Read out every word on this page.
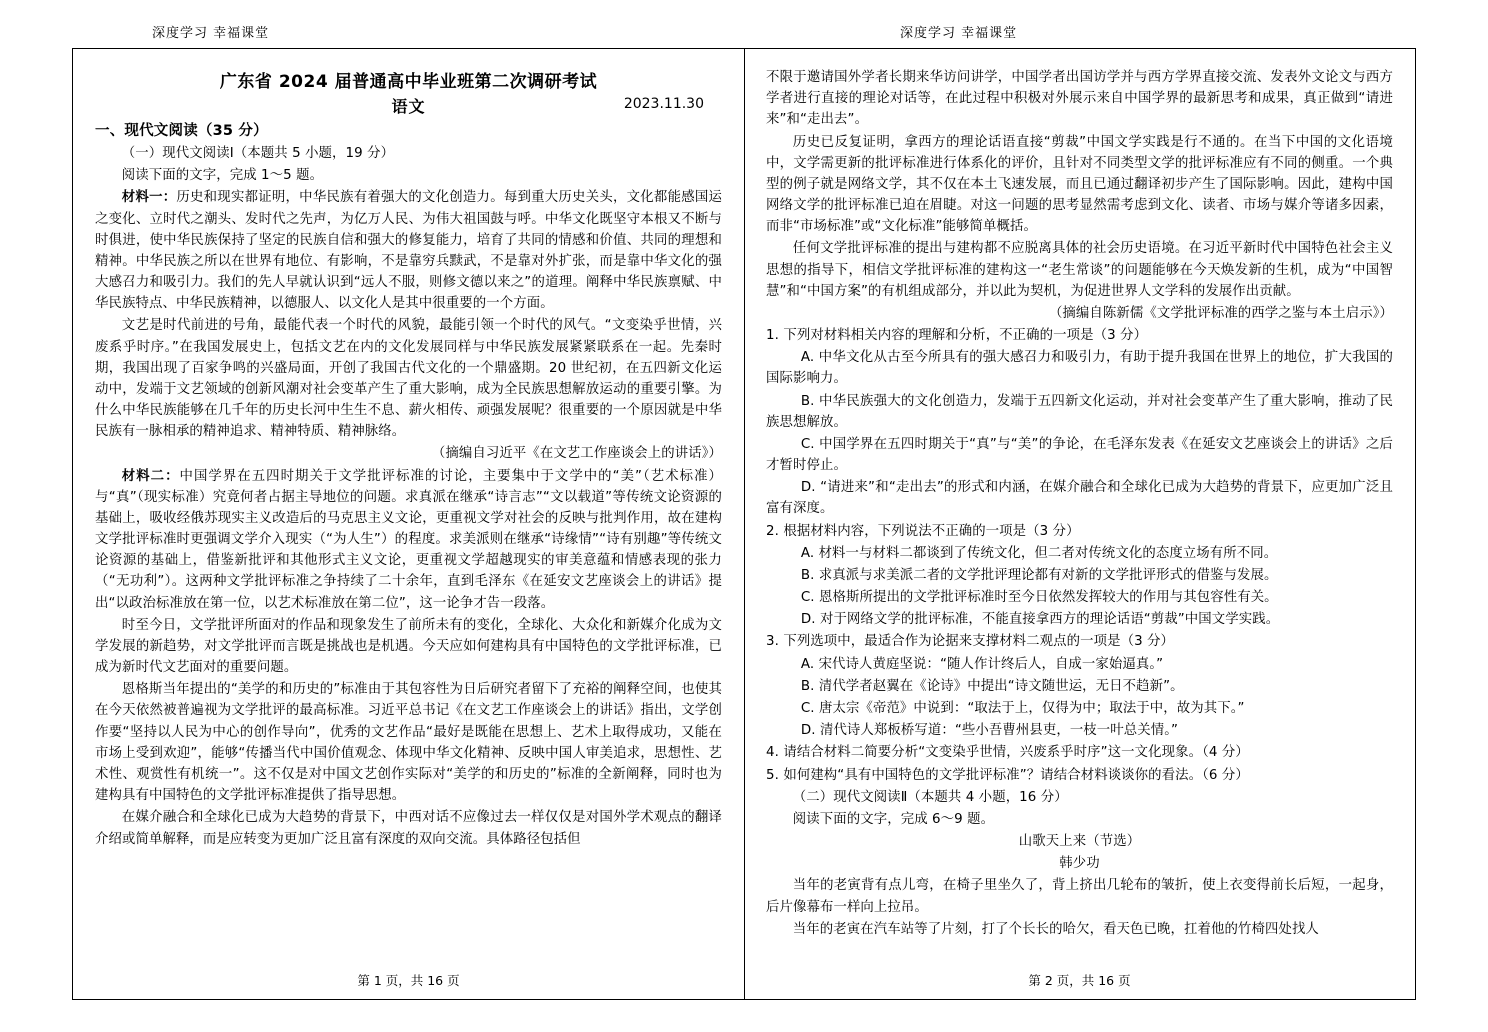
深度学习 幸福课堂	深度学习 幸福课堂
广东省 2024 届普通高中毕业班第二次调研考试
语文	2023.11.30
一、现代文阅读（35 分）

（一）现代文阅读Ⅰ（本题共 5 小题，19 分）

阅读下面的文字，完成 1～5 题。

材料一：历史和现实都证明，中华民族有着强大的文化创造力。每到重大历史关头，文化都能感国运之变化、立时代之潮头、发时代之先声，为亿万人民、为伟大祖国鼓与呼。中华文化既坚守本根又不断与时俱进，使中华民族保持了坚定的民族自信和强大的修复能力，培育了共同的情感和价值、共同的理想和精神。中华民族之所以在世界有地位、有影响，不是靠穷兵黩武，不是靠对外扩张，而是靠中华文化的强大感召力和吸引力。我们的先人早就认识到“远人不服，则修文德以来之”的道理。阐释中华民族禀赋、中华民族特点、中华民族精神，以德服人、以文化人是其中很重要的一个方面。

文艺是时代前进的号角，最能代表一个时代的风貌，最能引领一个时代的风气。“文变染乎世情，兴废系乎时序。”在我国发展史上，包括文艺在内的文化发展同样与中华民族发展紧紧联系在一起。先秦时期，我国出现了百家争鸣的兴盛局面，开创了我国古代文化的一个鼎盛期。20 世纪初，在五四新文化运动中，发端于文艺领域的创新风潮对社会变革产生了重大影响，成为全民族思想解放运动的重要引擎。为什么中华民族能够在几千年的历史长河中生生不息、薪火相传、顽强发展呢？很重要的一个原因就是中华民族有一脉相承的精神追求、精神特质、精神脉络。

（摘编自习近平《在文艺工作座谈会上的讲话》）

材料二：中国学界在五四时期关于文学批评标准的讨论，主要集中于文学中的“美”（艺术标准）与“真”（现实标准）究竟何者占据主导地位的问题。求真派在继承“诗言志”“文以载道”等传统文论资源的基础上，吸收经俄苏现实主义改造后的马克思主义文论，更重视文学对社会的反映与批判作用，故在建构文学批评标准时更强调文学介入现实（“为人生”）的程度。求美派则在继承“诗缘情”“诗有别趣”等传统文论资源的基础上，借鉴新批评和其他形式主义文论，更重视文学超越现实的审美意蕴和情感表现的张力（“无功利”）。这两种文学批评标准之争持续了二十余年，直到毛泽东《在延安文艺座谈会上的讲话》提出“以政治标准放在第一位，以艺术标准放在第二位”，这一论争才告一段落。

时至今日，文学批评所面对的作品和现象发生了前所未有的变化，全球化、大众化和新媒介化成为文学发展的新趋势，对文学批评而言既是挑战也是机遇。今天应如何建构具有中国特色的文学批评标准，已成为新时代文艺面对的重要问题。

恩格斯当年提出的“美学的和历史的”标准由于其包容性为日后研究者留下了充裕的阐释空间，也使其在今天依然被普遍视为文学批评的最高标准。习近平总书记《在文艺工作座谈会上的讲话》指出，文学创作要“坚持以人民为中心的创作导向”，优秀的文艺作品“最好是既能在思想上、艺术上取得成功，又能在市场上受到欢迎”，能够“传播当代中国价值观念、体现中华文化精神、反映中国人审美追求，思想性、艺术性、观赏性有机统一”。这不仅是对中国文艺创作实际对“美学的和历史的”标准的全新阐释，同时也为建构具有中国特色的文学批评标准提供了指导思想。

在媒介融合和全球化已成为大趋势的背景下，中西对话不应像过去一样仅仅是对国外学术观点的翻译介绍或简单解释，而是应转变为更加广泛且富有深度的双向交流。具体路径包括但

不限于邀请国外学者长期来华访问讲学，中国学者出国访学并与西方学界直接交流、发表外文论文与西方学者进行直接的理论对话等，在此过程中积极对外展示来自中国学界的最新思考和成果，真正做到“请进来”和“走出去”。

历史已反复证明，拿西方的理论话语直接“剪裁”中国文学实践是行不通的。在当下中国的文化语境中，文学需更新的批评标准进行体系化的评价，且针对不同类型文学的批评标准应有不同的侧重。一个典型的例子就是网络文学，其不仅在本土飞速发展，而且已通过翻译初步产生了国际影响。因此，建构中国网络文学的批评标准已迫在眉睫。对这一问题的思考显然需考虑到文化、读者、市场与媒介等诸多因素，而非“市场标准”或“文化标准”能够简单概括。

任何文学批评标准的提出与建构都不应脱离具体的社会历史语境。在习近平新时代中国特色社会主义思想的指导下，相信文学批评标准的建构这一“老生常谈”的问题能够在今天焕发新的生机，成为“中国智慧”和“中国方案”的有机组成部分，并以此为契机，为促进世界人文学科的发展作出贡献。

（摘编自陈新儒《文学批评标准的西学之鉴与本土启示》）

1. 下列对材料相关内容的理解和分析，不正确的一项是（3 分）

A. 中华文化从古至今所具有的强大感召力和吸引力，有助于提升我国在世界上的地位，扩大我国的国际影响力。

B. 中华民族强大的文化创造力，发端于五四新文化运动，并对社会变革产生了重大影响，推动了民族思想解放。

C. 中国学界在五四时期关于“真”与“美”的争论，在毛泽东发表《在延安文艺座谈会上的讲话》之后才暂时停止。

D. “请进来”和“走出去”的形式和内涵，在媒介融合和全球化已成为大趋势的背景下，应更加广泛且富有深度。

2. 根据材料内容，下列说法不正确的一项是（3 分）

A. 材料一与材料二都谈到了传统文化，但二者对传统文化的态度立场有所不同。

B. 求真派与求美派二者的文学批评理论都有对新的文学批评形式的借鉴与发展。

C. 恩格斯所提出的文学批评标准时至今日依然发挥较大的作用与其包容性有关。

D. 对于网络文学的批评标准，不能直接拿西方的理论话语“剪裁”中国文学实践。

3. 下列选项中，最适合作为论据来支撑材料二观点的一项是（3 分）

A. 宋代诗人黄庭坚说：“随人作计终后人，自成一家始逼真。”

B. 清代学者赵翼在《论诗》中提出“诗文随世运，无日不趋新”。

C. 唐太宗《帝范》中说到：“取法于上，仅得为中；取法于中，故为其下。”

D. 清代诗人郑板桥写道：“些小吾曹州县吏，一枝一叶总关情。”

4. 请结合材料二简要分析“文变染乎世情，兴废系乎时序”这一文化现象。（4 分）

5. 如何建构“具有中国特色的文学批评标准”？请结合材料谈谈你的看法。（6 分）

（二）现代文阅读Ⅱ（本题共 4 小题，16 分）

阅读下面的文字，完成 6～9 题。

山歌天上来（节选）

韩少功

当年的老寅背有点儿弯，在椅子里坐久了，背上挤出几轮布的皱折，使上衣变得前长后短，一起身，后片像幕布一样向上拉吊。

当年的老寅在汽车站等了片刻，打了个长长的哈欠，看天色已晚，扛着他的竹椅四处找人

第 1 页，共 16 页	第 2 页，共 16 页
